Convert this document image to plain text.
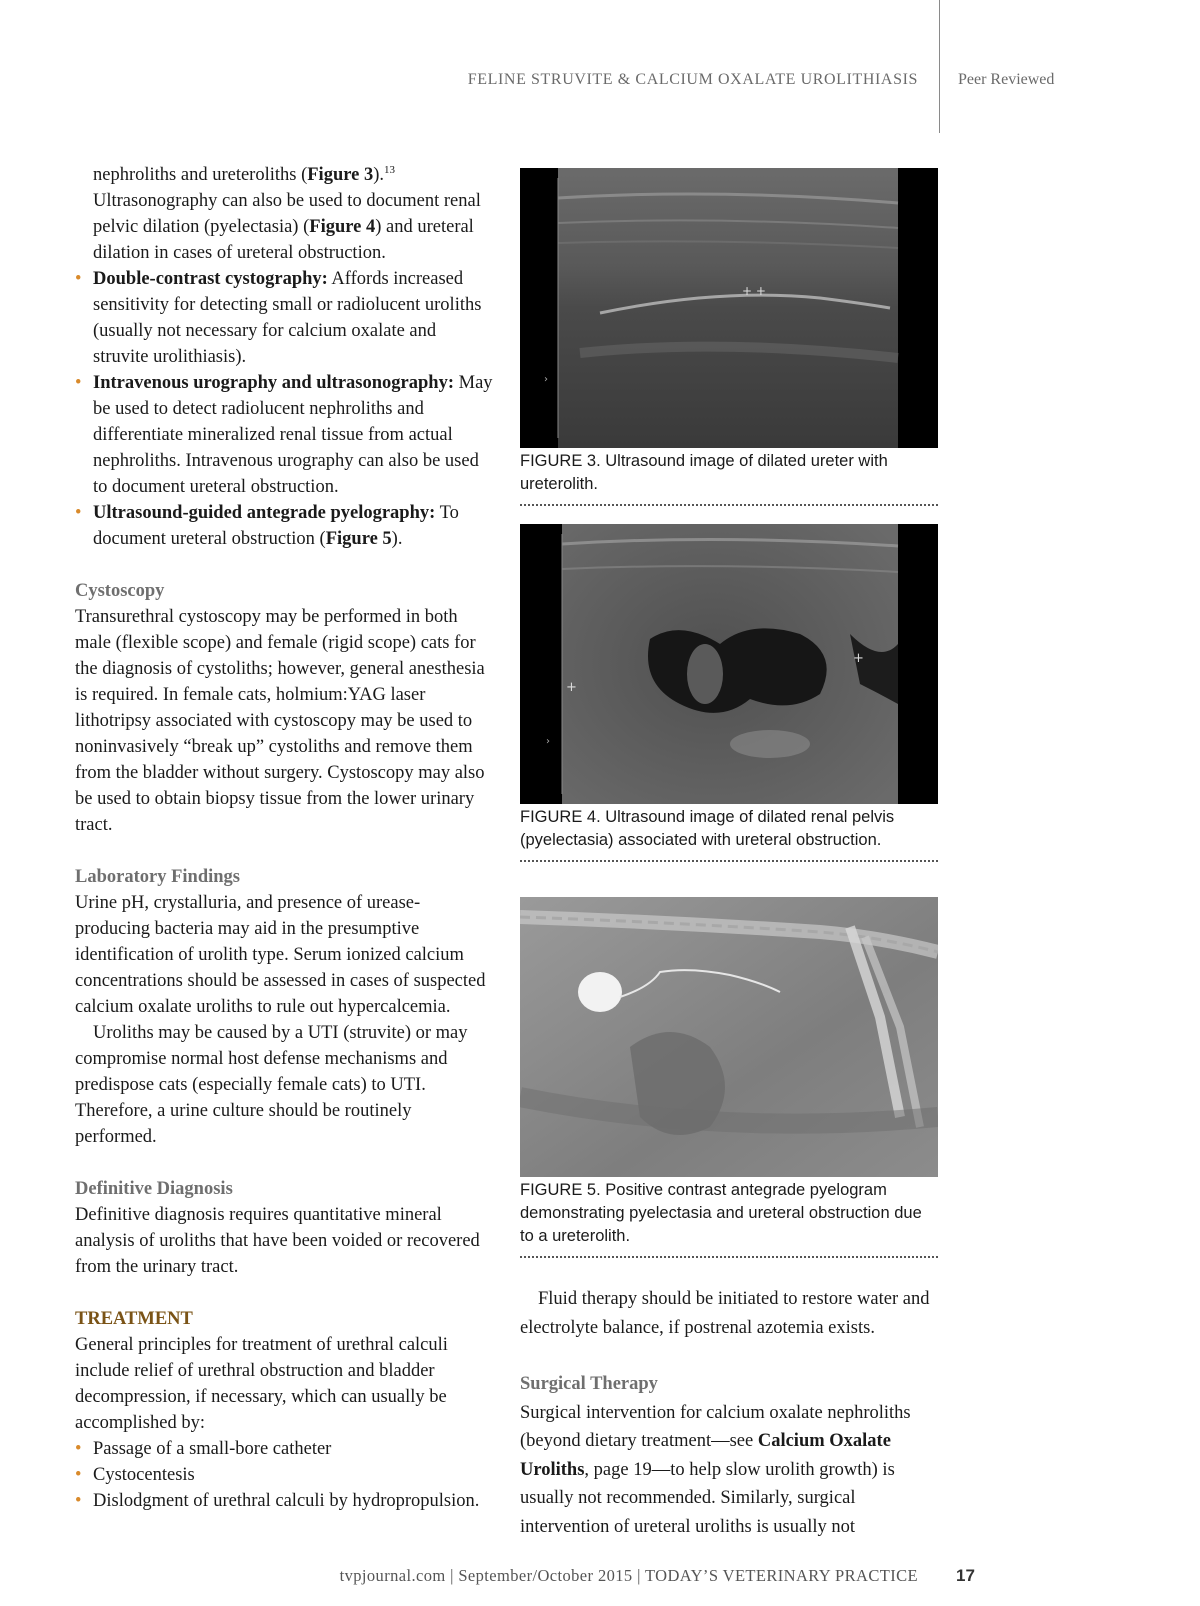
FELINE STRUVITE & CALCIUM OXALATE UROLITHIASIS	Peer Reviewed

nephroliths and ureteroliths (Figure 3).$^{13}$ Ultrasonography can also be used to document renal pelvic dilation (pyelectasia) (Figure 4) and ureteral dilation in cases of ureteral obstruction.

• Double-contrast cystography: Affords increased sensitivity for detecting small or radiolucent uroliths (usually not necessary for calcium oxalate and struvite urolithiasis).
• Intravenous urography and ultrasonography: May be used to detect radiolucent nephroliths and differentiate mineralized renal tissue from actual nephroliths. Intravenous urography can also be used to document ureteral obstruction.
• Ultrasound-guided antegrade pyelography: To document ureteral obstruction (Figure 5).
Cystoscopy

Transurethral cystoscopy may be performed in both male (flexible scope) and female (rigid scope) cats for the diagnosis of cystoliths; however, general anesthesia is required. In female cats, holmium:YAG laser lithotripsy associated with cystoscopy may be used to noninvasively “break up” cystoliths and remove them from the bladder without surgery. Cystoscopy may also be used to obtain biopsy tissue from the lower urinary tract.

Laboratory Findings

Urine pH, crystalluria, and presence of urease-producing bacteria may aid in the presumptive identification of urolith type. Serum ionized calcium concentrations should be assessed in cases of suspected calcium oxalate uroliths to rule out hypercalcemia.

Uroliths may be caused by a UTI (struvite) or may compromise normal host defense mechanisms and predispose cats (especially female cats) to UTI. Therefore, a urine culture should be routinely performed.

Definitive Diagnosis

Definitive diagnosis requires quantitative mineral analysis of uroliths that have been voided or recovered from the urinary tract.

TREATMENT

General principles for treatment of urethral calculi include relief of urethral obstruction and bladder decompression, if necessary, which can usually be accomplished by:

• Passage of a small-bore catheter
• Cystocentesis
• Dislodgment of urethral calculi by hydropropulsion.
+ +
›
FIGURE 3. Ultrasound image of dilated ureter with ureterolith.
+
+
›
FIGURE 4. Ultrasound image of dilated renal pelvis (pyelectasia) associated with ureteral obstruction.
FIGURE 5. Positive contrast antegrade pyelogram demonstrating pyelectasia and ureteral obstruction due to a ureterolith.

Fluid therapy should be initiated to restore water and electrolyte balance, if postrenal azotemia exists.

Surgical Therapy

Surgical intervention for calcium oxalate nephroliths (beyond dietary treatment—see Calcium Oxalate Uroliths, page 19—to help slow urolith growth) is usually not recommended. Similarly, surgical intervention of ureteral uroliths is usually not

tvpjournal.com | September/October 2015 | TODAY’S VETERINARY PRACTICE 17
